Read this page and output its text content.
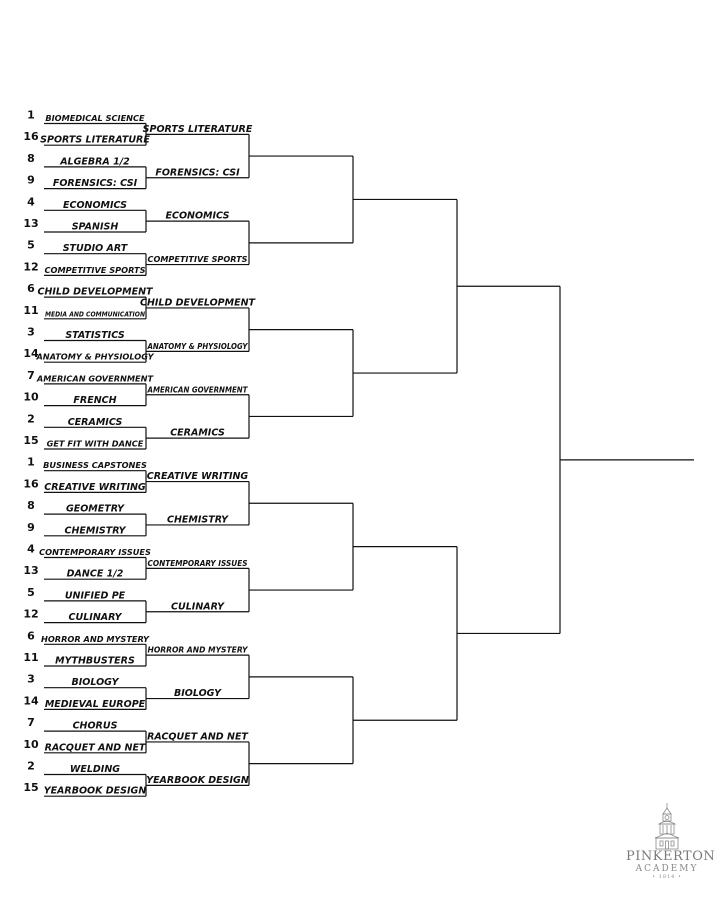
1
16
8
9
4
13
5
12
6
11
3
14
7
10
2
15
1
16
8
9
4
13
5
12
6
11
3
14
7
10
2
15
BIOMEDICAL SCIENCE
SPORTS LITERATURE
ALGEBRA 1/2
FORENSICS: CSI
ECONOMICS
SPANISH
STUDIO ART
COMPETITIVE SPORTS
CHILD DEVELOPMENT
MEDIA AND COMMUNICATION
STATISTICS
ANATOMY & PHYSIOLOGY
AMERICAN GOVERNMENT
FRENCH
CERAMICS
GET FIT WITH DANCE
BUSINESS CAPSTONES
CREATIVE WRITING
GEOMETRY
CHEMISTRY
CONTEMPORARY ISSUES
DANCE 1/2
UNIFIED PE
CULINARY
HORROR AND MYSTERY
MYTHBUSTERS
BIOLOGY
MEDIEVAL EUROPE
CHORUS
RACQUET AND NET
WELDING
YEARBOOK DESIGN
SPORTS LITERATURE
FORENSICS: CSI
ECONOMICS
COMPETITIVE SPORTS
CHILD DEVELOPMENT
ANATOMY & PHYSIOLOGY
AMERICAN GOVERNMENT
CERAMICS
CREATIVE WRITING
CHEMISTRY
CONTEMPORARY ISSUES
CULINARY
HORROR AND MYSTERY
BIOLOGY
RACQUET AND NET
YEARBOOK DESIGN
PINKERTON
ACADEMY
• 1814 •
